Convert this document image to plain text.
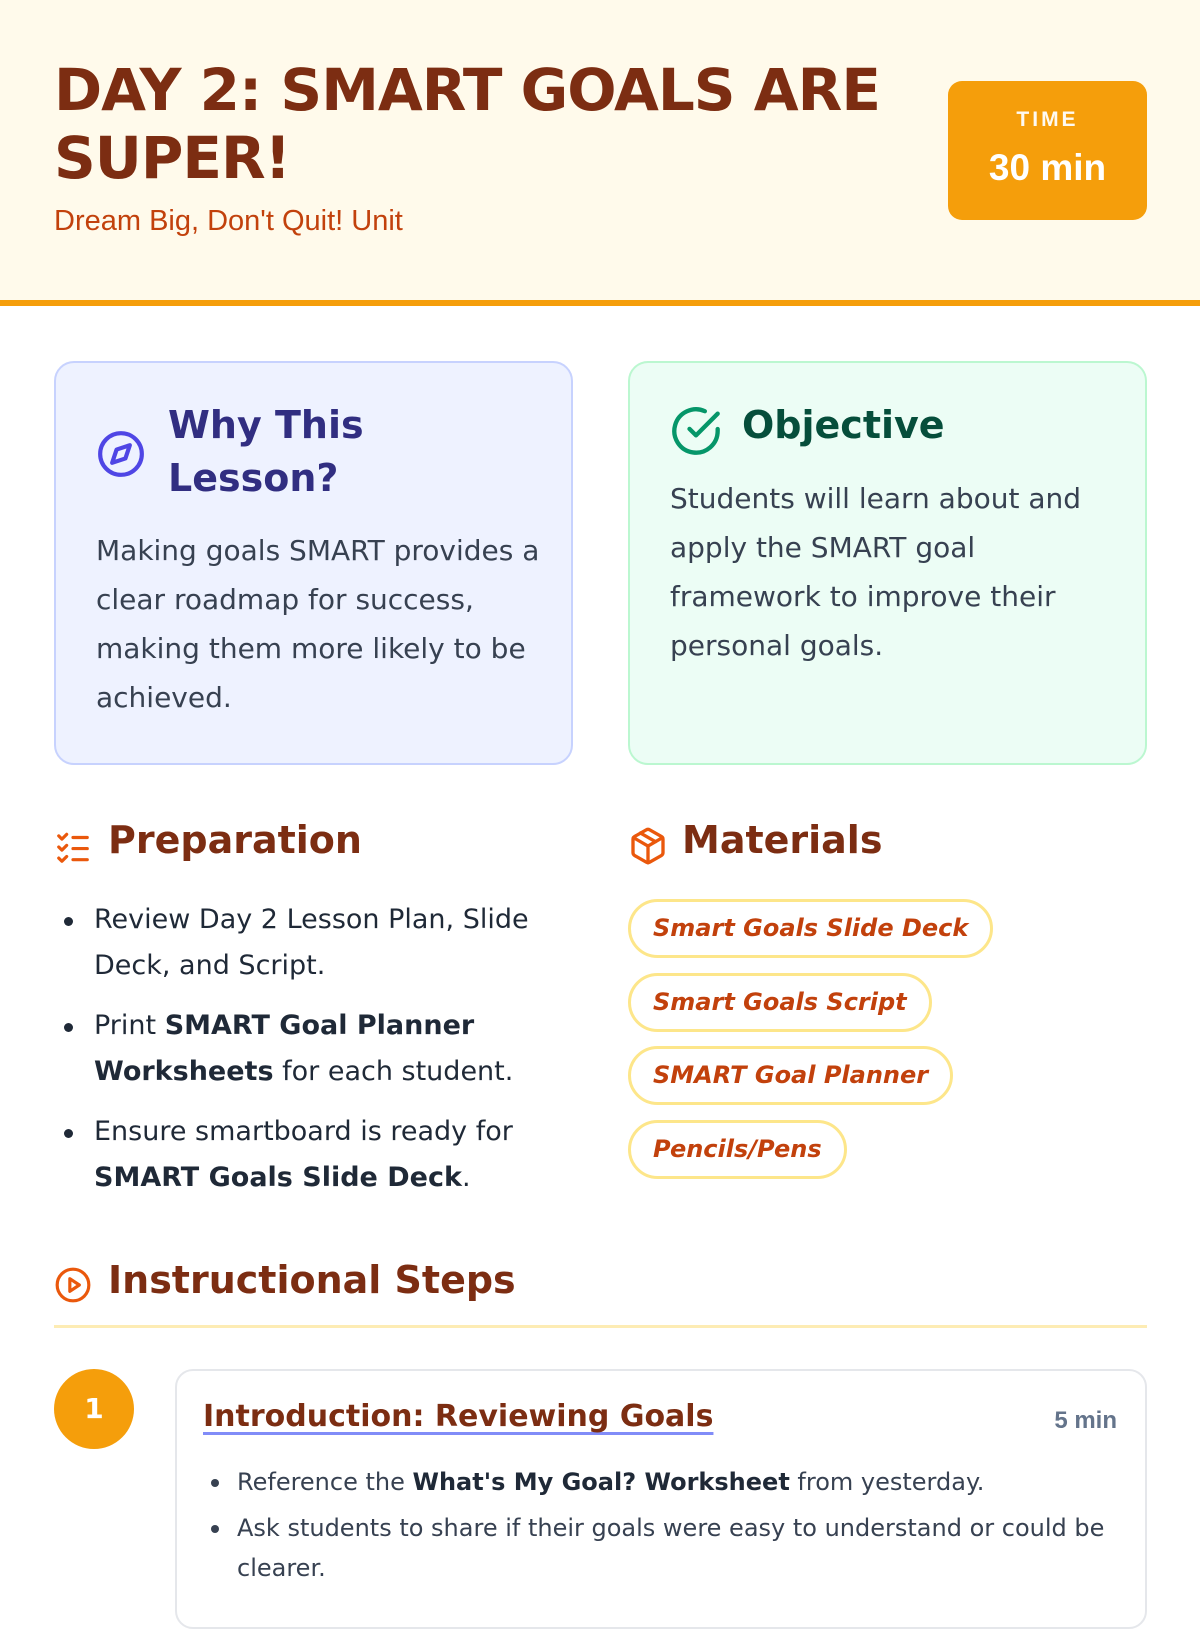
DAY 2: SMART GOALS ARE SUPER!
Dream Big, Don't Quit! Unit
TIME
30 min
Why This Lesson?
Making goals SMART provides a clear roadmap for success, making them more likely to be achieved.
Objective
Students will learn about and apply the SMART goal framework to improve their personal goals.
Preparation
Review Day 2 Lesson Plan, Slide Deck, and Script.
Print SMART Goal Planner Worksheets for each student.
Ensure smartboard is ready for SMART Goals Slide Deck.
Materials
Smart Goals Slide Deck
Smart Goals Script
SMART Goal Planner
Pencils/Pens
Instructional Steps
1	Introduction: Reviewing Goals	5 min
Reference the What's My Goal? Worksheet from yesterday.
Ask students to share if their goals were easy to understand or could be clearer.
